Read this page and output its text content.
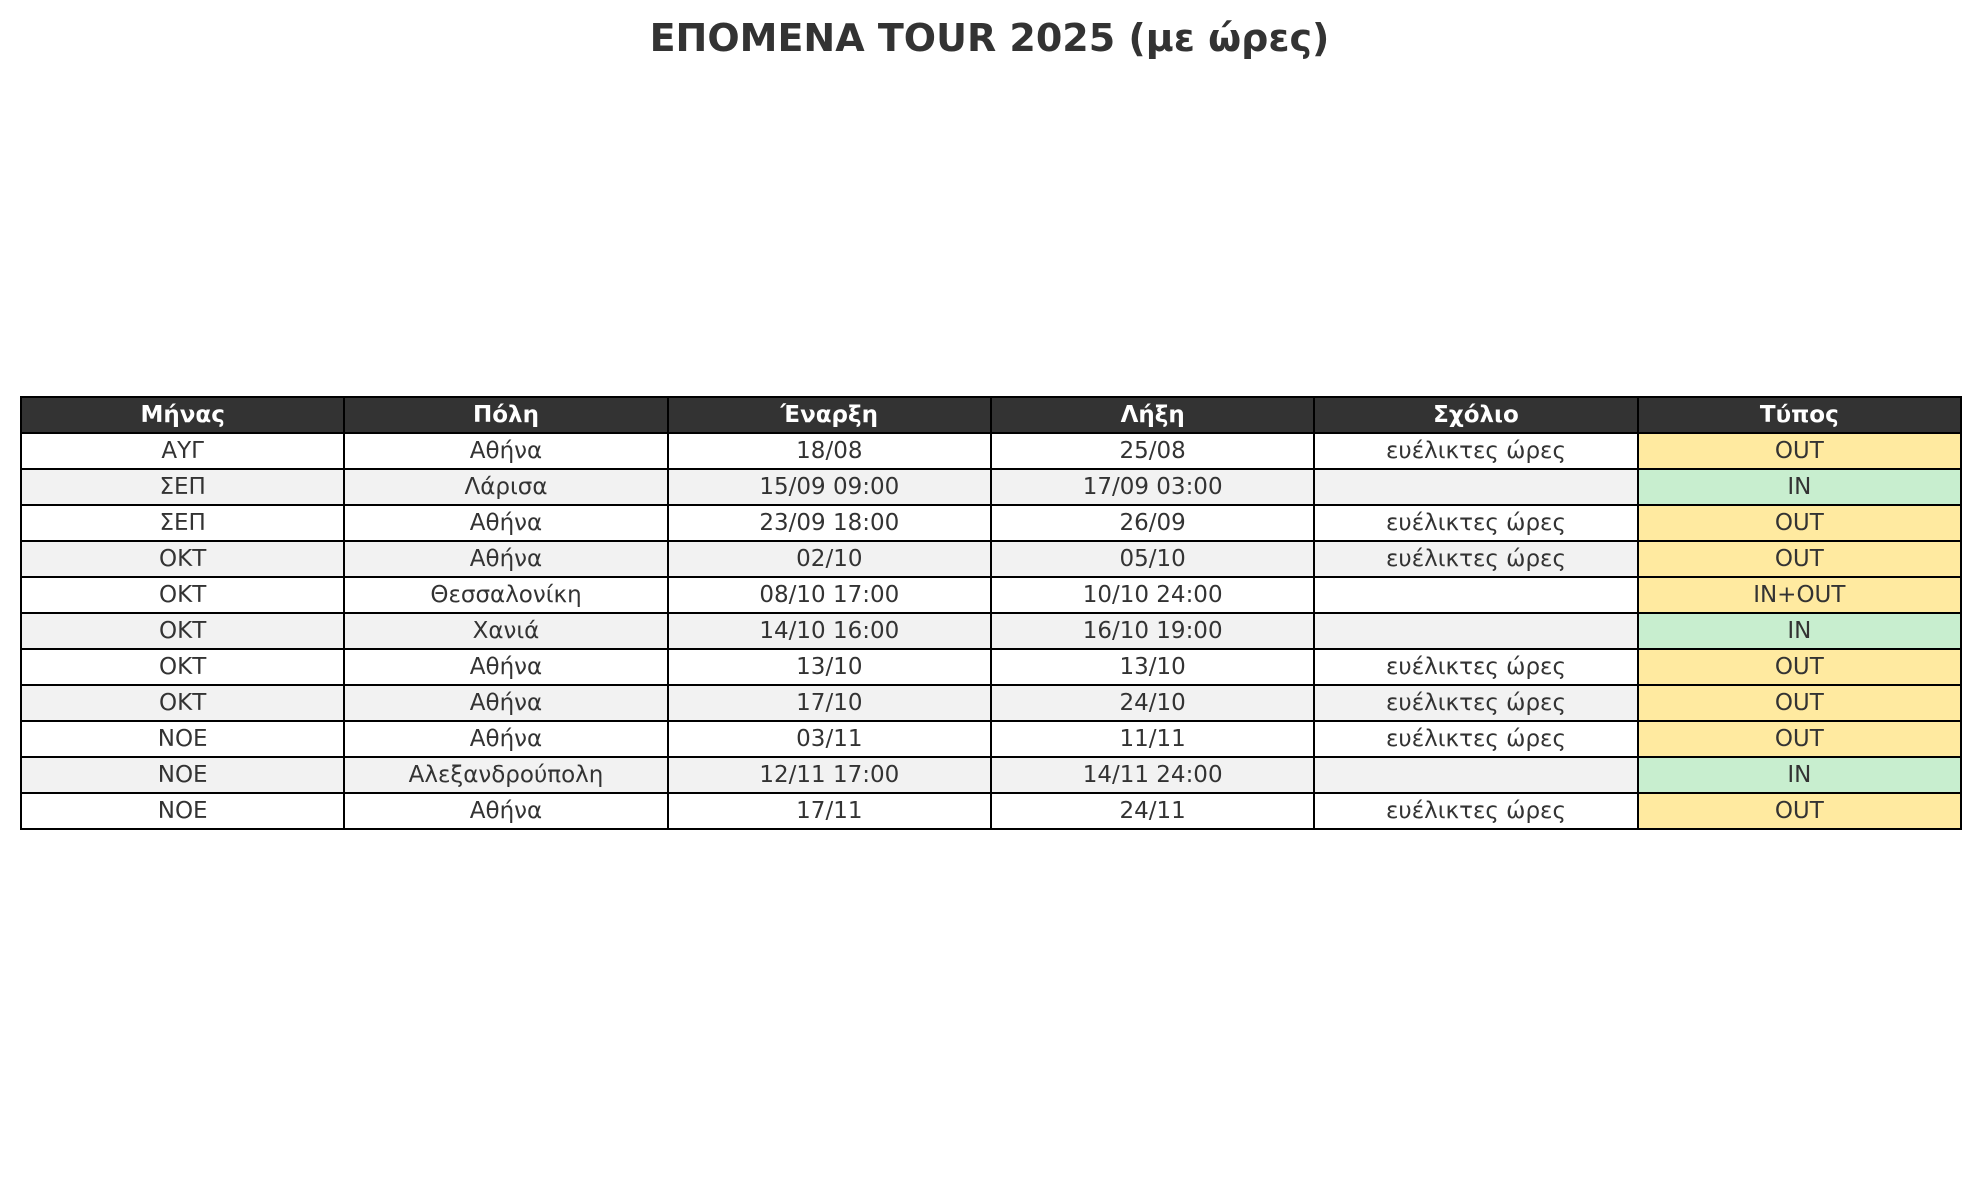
ΕΠΟΜΕΝΑ TOUR 2025 (με ώρες)
Μήνας	Πόλη	Έναρξη	Λήξη	Σχόλιο	Τύπος
ΑΥΓ	Αθήνα	18/08	25/08	ευέλικτες ώρες	OUT
ΣΕΠ	Λάρισα	15/09 09:00	17/09 03:00		IN
ΣΕΠ	Αθήνα	23/09 18:00	26/09	ευέλικτες ώρες	OUT
ΟΚΤ	Αθήνα	02/10	05/10	ευέλικτες ώρες	OUT
ΟΚΤ	Θεσσαλονίκη	08/10 17:00	10/10 24:00		IN+OUT
ΟΚΤ	Χανιά	14/10 16:00	16/10 19:00		IN
ΟΚΤ	Αθήνα	13/10	13/10	ευέλικτες ώρες	OUT
ΟΚΤ	Αθήνα	17/10	24/10	ευέλικτες ώρες	OUT
ΝΟΕ	Αθήνα	03/11	11/11	ευέλικτες ώρες	OUT
ΝΟΕ	Αλεξανδρούπολη	12/11 17:00	14/11 24:00		IN
ΝΟΕ	Αθήνα	17/11	24/11	ευέλικτες ώρες	OUT
